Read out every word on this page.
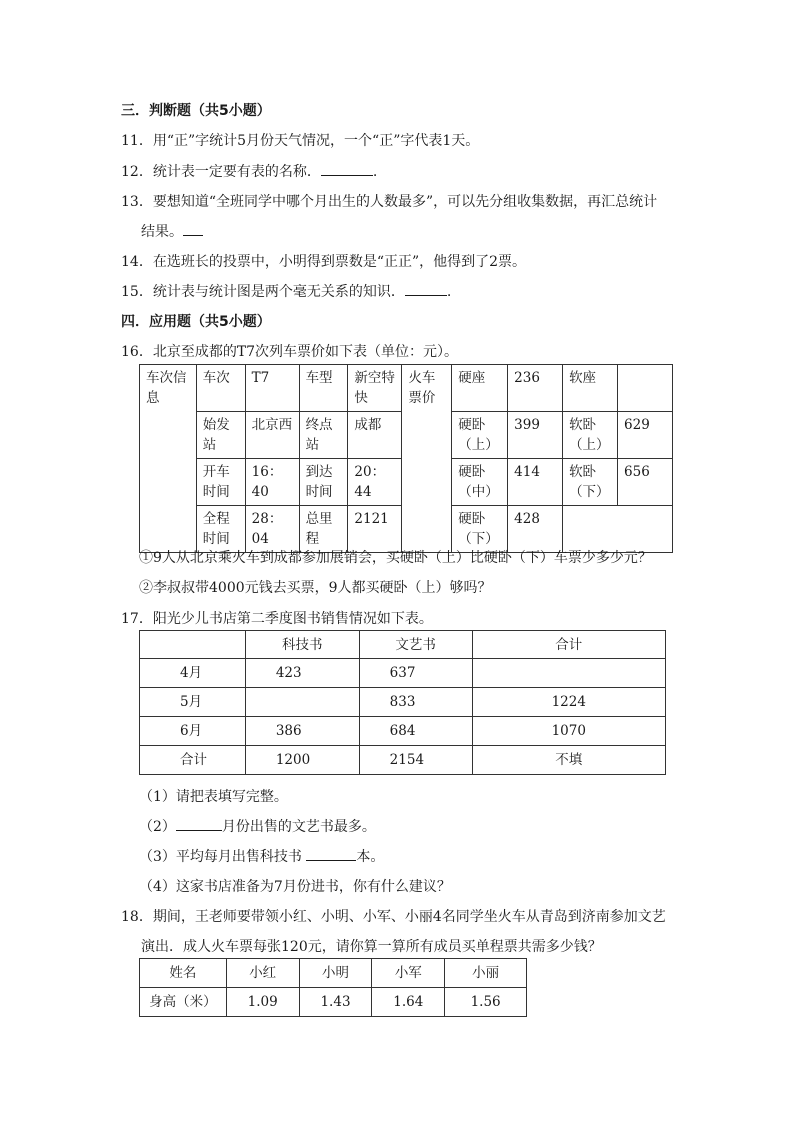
三．判断题（共5小题）
11．用“正”字统计5月份天气情况，一个“正”字代表1天。
12．统计表一定要有表的名称．	.
13．要想知道“全班同学中哪个月出生的人数最多”，可以先分组收集数据，再汇总统计
结果。
14．在选班长的投票中，小明得到票数是“正正”，他得到了2票。
15．统计表与统计图是两个毫无关系的知识．	.
四．应用题（共5小题）
16．北京至成都的T7次列车票价如下表（单位：元）。
车次信息	车次	T7	车型	新空特快	火车票价	硬座	236	软座	
	始发站	北京西	终点站	成都		硬卧（上）	399	软卧（上）	629
	开车时间	16：40	到达时间	20：44		硬卧（中）	414	软卧（下）	656
	全程时间	28：04	总里程	2121		硬卧（下）	428		
①9人从北京乘火车到成都参加展销会，买硬卧（上）比硬卧（下）车票少多少元？
②李叔叔带4000元钱去买票，9人都买硬卧（上）够吗？
17．阳光少儿书店第二季度图书销售情况如下表。
	科技书	文艺书	合计
4月	423	637	
5月		833	1224
6月	386	684	1070
合计	1200	2154	不填
（1）请把表填写完整。
（2）	月份出售的文艺书最多。
（3）平均每月出售科技书	本。
（4）这家书店准备为7月份进书，你有什么建议？
18．期间，王老师要带领小红、小明、小军、小丽4名同学坐火车从青岛到济南参加文艺
演出．成人火车票每张120元，请你算一算所有成员买单程票共需多少钱？
姓名	小红	小明	小军	小丽
身高（米）	1.09	1.43	1.64	1.56
